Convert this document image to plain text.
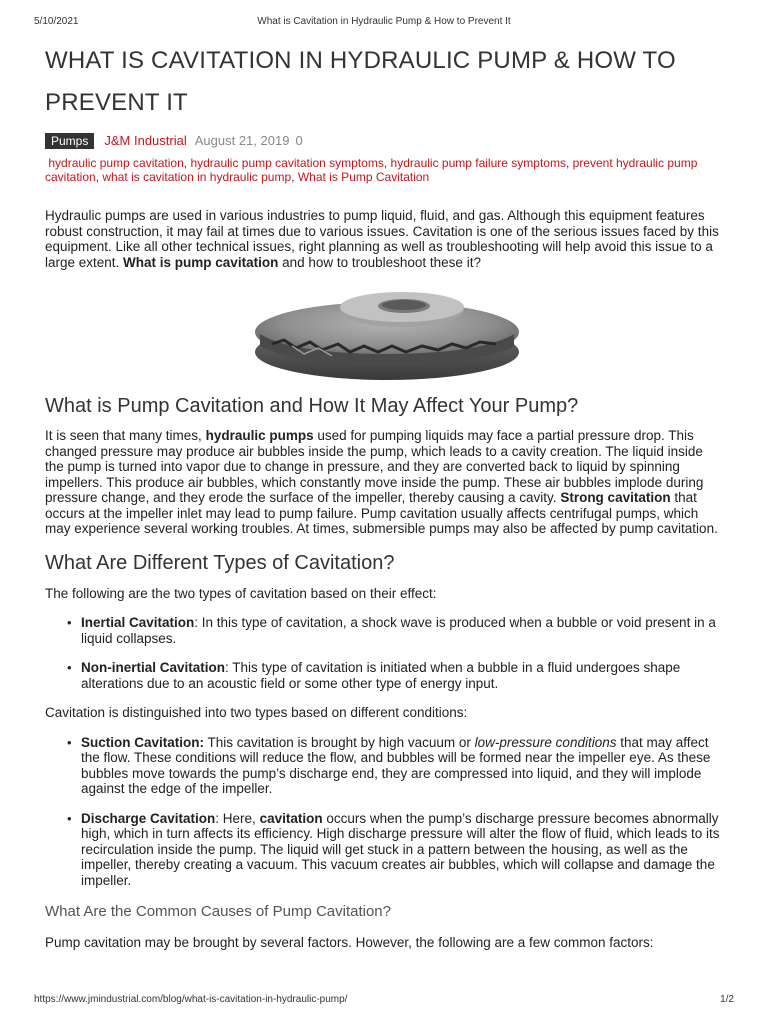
5/10/2021	What is Cavitation in Hydraulic Pump & How to Prevent It
WHAT IS CAVITATION IN HYDRAULIC PUMP & HOW TO
PREVENT IT
Pumps J&M Industrial August 21, 2019 0
hydraulic pump cavitation, hydraulic pump cavitation symptoms, hydraulic pump failure symptoms, prevent hydraulic pump cavitation, what is cavitation in hydraulic pump, What is Pump Cavitation

Hydraulic pumps are used in various industries to pump liquid, fluid, and gas. Although this equipment features robust construction, it may fail at times due to various issues. Cavitation is one of the serious issues faced by this equipment. Like all other technical issues, right planning as well as troubleshooting will help avoid this issue to a large extent. What is pump cavitation and how to troubleshoot these it?

What is Pump Cavitation and How It May Affect Your Pump?

It is seen that many times, hydraulic pumps used for pumping liquids may face a partial pressure drop. This changed pressure may produce air bubbles inside the pump, which leads to a cavity creation. The liquid inside the pump is turned into vapor due to change in pressure, and they are converted back to liquid by spinning impellers. This produce air bubbles, which constantly move inside the pump. These air bubbles implode during pressure change, and they erode the surface of the impeller, thereby causing a cavity. Strong cavitation that occurs at the impeller inlet may lead to pump failure. Pump cavitation usually affects centrifugal pumps, which may experience several working troubles. At times, submersible pumps may also be affected by pump cavitation.

What Are Different Types of Cavitation?

The following are the two types of cavitation based on their effect:

• Inertial Cavitation: In this type of cavitation, a shock wave is produced when a bubble or void present in a liquid collapses.
• Non-inertial Cavitation: This type of cavitation is initiated when a bubble in a fluid undergoes shape alterations due to an acoustic field or some other type of energy input.

Cavitation is distinguished into two types based on different conditions:

• Suction Cavitation: This cavitation is brought by high vacuum or low-pressure conditions that may affect the flow. These conditions will reduce the flow, and bubbles will be formed near the impeller eye. As these bubbles move towards the pump’s discharge end, they are compressed into liquid, and they will implode against the edge of the impeller.
• Discharge Cavitation: Here, cavitation occurs when the pump’s discharge pressure becomes abnormally high, which in turn affects its efficiency. High discharge pressure will alter the flow of fluid, which leads to its recirculation inside the pump. The liquid will get stuck in a pattern between the housing, as well as the impeller, thereby creating a vacuum. This vacuum creates air bubbles, which will collapse and damage the impeller.
What Are the Common Causes of Pump Cavitation?

Pump cavitation may be brought by several factors. However, the following are a few common factors:

https://www.jmindustrial.com/blog/what-is-cavitation-in-hydraulic-pump/	1/2
